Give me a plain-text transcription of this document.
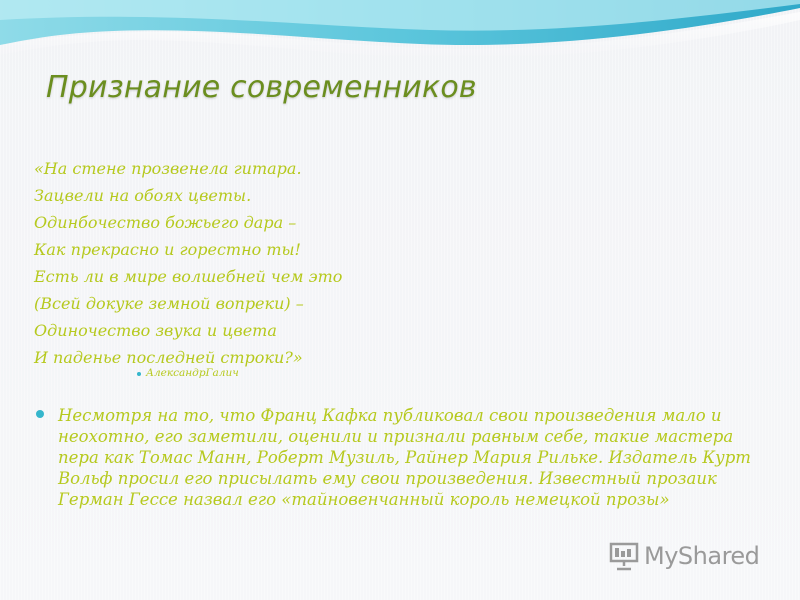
Признание современников
«На стене прозвенела гитара.
Зацвели на обоях цветы.
Одинбочество божьего дара –
Как прекрасно и горестно ты!
Есть ли в мире волшебней чем это
(Всей докуке земной вопреки) –
Одиночество звука и цвета
И паденье последней строки?»
АлександрГалич
Несмотря на то, что Франц Кафка публиковал свои произведения мало и неохотно, его заметили, оценили и признали равным себе, такие мастера пера как Томас Манн, Роберт Музиль, Райнер Мария Рильке. Издатель Курт Вольф просил его присылать ему свои произведения. Известный прозаик Герман Гессе назвал его «тайновенчанный король немецкой прозы»
MyShared
